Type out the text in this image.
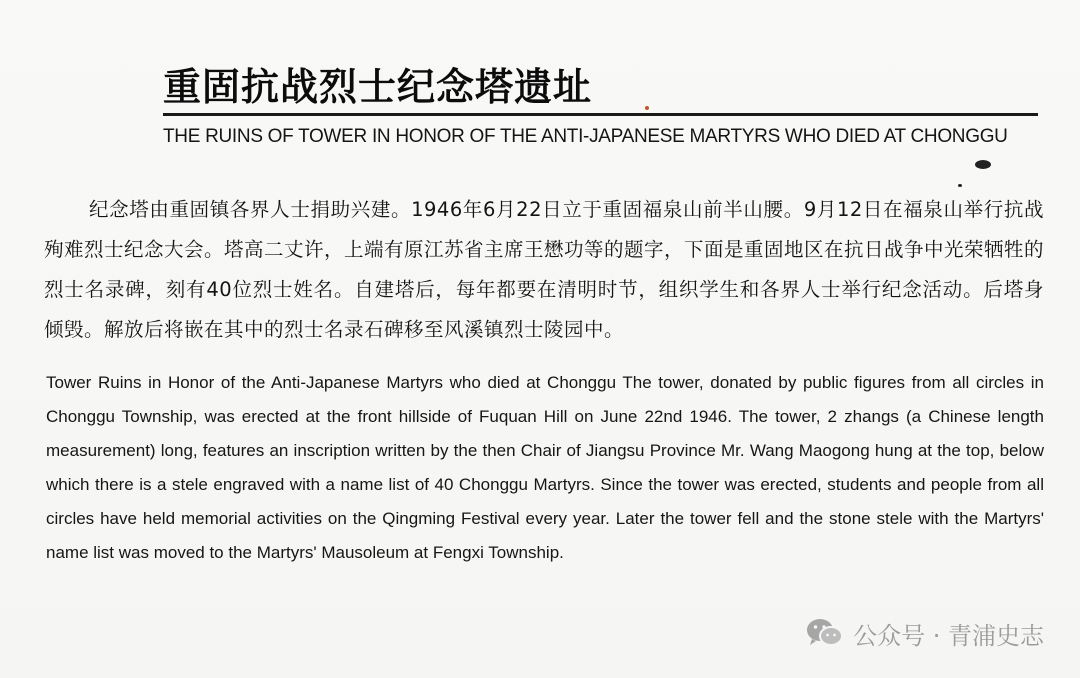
重固抗战烈士纪念塔遗址
THE RUINS OF TOWER IN HONOR OF THE ANTI-JAPANESE MARTYRS WHO DIED AT CHONGGU

纪念塔由重固镇各界人士捐助兴建。1946年6月22日立于重固福泉山前半山腰。9月12日在福泉山举行抗战殉难烈士纪念大会。塔高二丈许，上端有原江苏省主席王懋功等的题字，下面是重固地区在抗日战争中光荣牺牲的烈士名录碑，刻有40位烈士姓名。自建塔后，每年都要在清明时节，组织学生和各界人士举行纪念活动。后塔身倾毁。解放后将嵌在其中的烈士名录石碑移至风溪镇烈士陵园中。

Tower Ruins in Honor of the Anti-Japanese Martyrs who died at Chonggu The tower, donated by public figures from all circles in Chonggu Township, was erected at the front hillside of Fuquan Hill on June 22nd 1946. The tower, 2 zhangs (a Chinese length measurement) long, features an inscription written by the then Chair of Jiangsu Province Mr. Wang Maogong hung at the top, below which there is a stele engraved with a name list of 40 Chonggu Martyrs. Since the tower was erected, students and people from all circles have held memorial activities on the Qingming Festival every year. Later the tower fell and the stone stele with the Martyrs' name list was moved to the Martyrs' Mausoleum at Fengxi Township.

公众号 · 青浦史志
